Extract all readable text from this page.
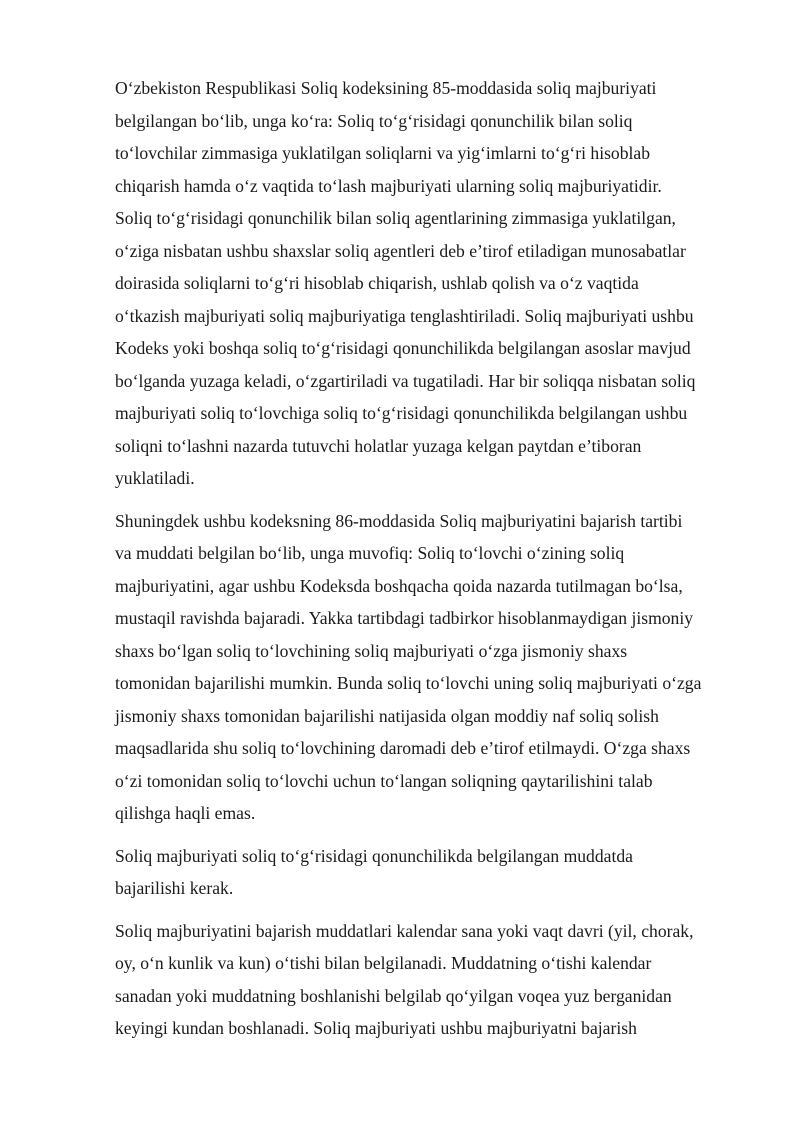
O‘zbekiston Respublikasi Soliq kodeksining 85-moddasida soliq majburiyati
belgilangan bo‘lib, unga ko‘ra: Soliq to‘g‘risidagi qonunchilik bilan soliq
to‘lovchilar zimmasiga yuklatilgan soliqlarni va yig‘imlarni to‘g‘ri hisoblab
chiqarish hamda o‘z vaqtida to‘lash majburiyati ularning soliq majburiyatidir.
Soliq to‘g‘risidagi qonunchilik bilan soliq agentlarining zimmasiga yuklatilgan,
o‘ziga nisbatan ushbu shaxslar soliq agentleri deb e’tirof etiladigan munosabatlar
doirasida soliqlarni to‘g‘ri hisoblab chiqarish, ushlab qolish va o‘z vaqtida
o‘tkazish majburiyati soliq majburiyatiga tenglashtiriladi. Soliq majburiyati ushbu
Kodeks yoki boshqa soliq to‘g‘risidagi qonunchilikda belgilangan asoslar mavjud
bo‘lganda yuzaga keladi, o‘zgartiriladi va tugatiladi. Har bir soliqqa nisbatan soliq
majburiyati soliq to‘lovchiga soliq to‘g‘risidagi qonunchilikda belgilangan ushbu
soliqni to‘lashni nazarda tutuvchi holatlar yuzaga kelgan paytdan e’tiboran
yuklatiladi.

Shuningdek ushbu kodeksning 86-moddasida Soliq majburiyatini bajarish tartibi
va muddati belgilan bo‘lib, unga muvofiq: Soliq to‘lovchi o‘zining soliq
majburiyatini, agar ushbu Kodeksda boshqacha qoida nazarda tutilmagan bo‘lsa,
mustaqil ravishda bajaradi. Yakka tartibdagi tadbirkor hisoblanmaydigan jismoniy
shaxs bo‘lgan soliq to‘lovchining soliq majburiyati o‘zga jismoniy shaxs
tomonidan bajarilishi mumkin. Bunda soliq to‘lovchi uning soliq majburiyati o‘zga
jismoniy shaxs tomonidan bajarilishi natijasida olgan moddiy naf soliq solish
maqsadlarida shu soliq to‘lovchining daromadi deb e’tirof etilmaydi. O‘zga shaxs
o‘zi tomonidan soliq to‘lovchi uchun to‘langan soliqning qaytarilishini talab
qilishga haqli emas.

Soliq majburiyati soliq to‘g‘risidagi qonunchilikda belgilangan muddatda
bajarilishi kerak.

Soliq majburiyatini bajarish muddatlari kalendar sana yoki vaqt davri (yil, chorak,
oy, o‘n kunlik va kun) o‘tishi bilan belgilanadi. Muddatning o‘tishi kalendar
sanadan yoki muddatning boshlanishi belgilab qo‘yilgan voqea yuz berganidan
keyingi kundan boshlanadi. Soliq majburiyati ushbu majburiyatni bajarish
